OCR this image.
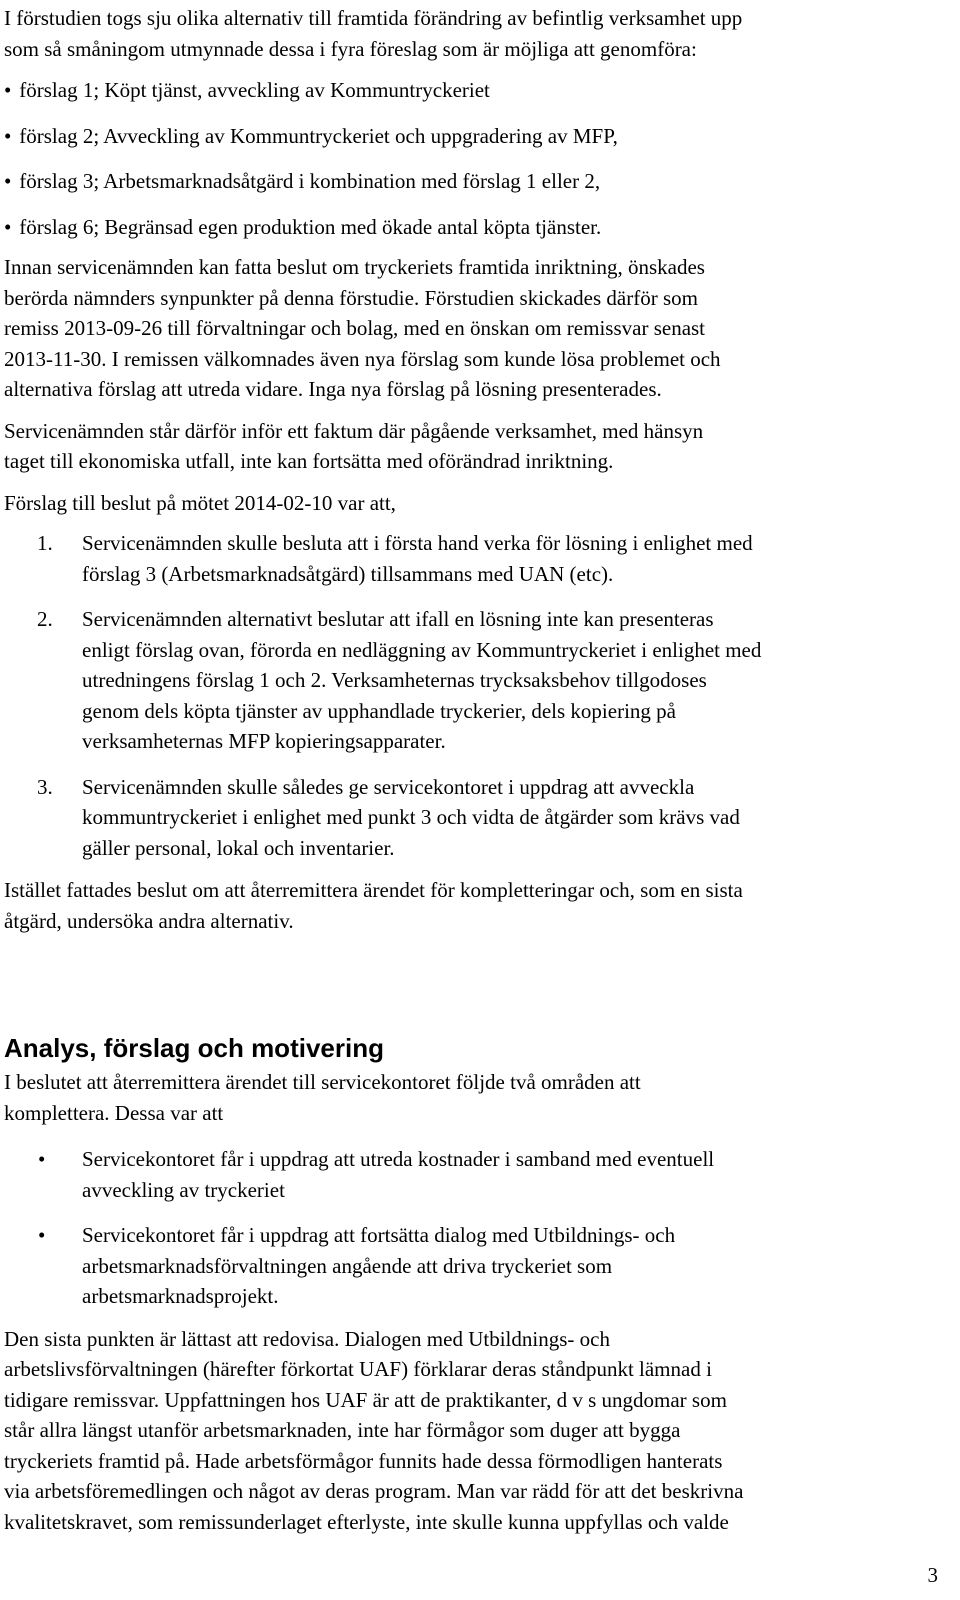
I förstudien togs sju olika alternativ till framtida förändring av befintlig verksamhet upp
som så småningom utmynnade dessa i fyra föreslag som är möjliga att genomföra:

• förslag 1; Köpt tjänst, avveckling av Kommuntryckeriet

• förslag 2; Avveckling av Kommuntryckeriet och uppgradering av MFP,

• förslag 3; Arbetsmarknadsåtgärd i kombination med förslag 1 eller 2,

• förslag 6; Begränsad egen produktion med ökade antal köpta tjänster.

Innan servicenämnden kan fatta beslut om tryckeriets framtida inriktning, önskades
berörda nämnders synpunkter på denna förstudie. Förstudien skickades därför som
remiss 2013-09-26 till förvaltningar och bolag, med en önskan om remissvar senast
2013-11-30. I remissen välkomnades även nya förslag som kunde lösa problemet och
alternativa förslag att utreda vidare. Inga nya förslag på lösning presenterades.

Servicenämnden står därför inför ett faktum där pågående verksamhet, med hänsyn
taget till ekonomiska utfall, inte kan fortsätta med oförändrad inriktning.

Förslag till beslut på mötet 2014-02-10 var att,

1.	Servicenämnden skulle besluta att i första hand verka för lösning i enlighet med
förslag 3 (Arbetsmarknadsåtgärd) tillsammans med UAN (etc).
2.	Servicenämnden alternativt beslutar att ifall en lösning inte kan presenteras
enligt förslag ovan, förorda en nedläggning av Kommuntryckeriet i enlighet med
utredningens förslag 1 och 2. Verksamheternas trycksaksbehov tillgodoses
genom dels köpta tjänster av upphandlade tryckerier, dels kopiering på
verksamheternas MFP kopieringsapparater.
3.	Servicenämnden skulle således ge servicekontoret i uppdrag att avveckla
kommuntryckeriet i enlighet med punkt 3 och vidta de åtgärder som krävs vad
gäller personal, lokal och inventarier.

Istället fattades beslut om att återremittera ärendet för kompletteringar och, som en sista
åtgärd, undersöka andra alternativ.

Analys, förslag och motivering

I beslutet att återremittera ärendet till servicekontoret följde två områden att
komplettera. Dessa var att

•	Servicekontoret får i uppdrag att utreda kostnader i samband med eventuell
avveckling av tryckeriet
•	Servicekontoret får i uppdrag att fortsätta dialog med Utbildnings- och
arbetsmarknadsförvaltningen angående att driva tryckeriet som
arbetsmarknadsprojekt.

Den sista punkten är lättast att redovisa. Dialogen med Utbildnings- och
arbetslivsförvaltningen (härefter förkortat UAF) förklarar deras ståndpunkt lämnad i
tidigare remissvar. Uppfattningen hos UAF är att de praktikanter, d v s ungdomar som
står allra längst utanför arbetsmarknaden, inte har förmågor som duger att bygga
tryckeriets framtid på. Hade arbetsförmågor funnits hade dessa förmodligen hanterats
via arbetsföremedlingen och något av deras program. Man var rädd för att det beskrivna
kvalitetskravet, som remissunderlaget efterlyste, inte skulle kunna uppfyllas och valde

3
